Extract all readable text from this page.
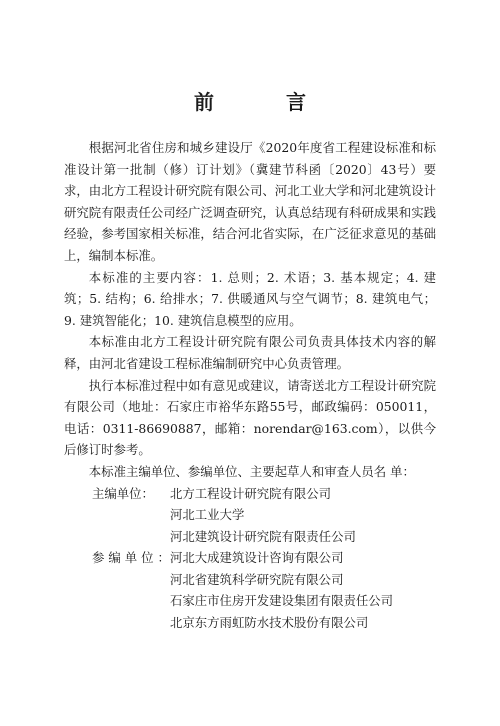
前　言

根据河北省住房和城乡建设厅《2020年度省工程建设标准和标准设计第一批制（修）订计划》（冀建节科函〔2020〕43号）要求，由北方工程设计研究院有限公司、河北工业大学和河北建筑设计研究院有限责任公司经广泛调查研究，认真总结现有科研成果和实践经验，参考国家相关标准，结合河北省实际，在广泛征求意见的基础上，编制本标准。

本标准的主要内容：1. 总则；2. 术语；3. 基本规定；4. 建筑；5. 结构；6. 给排水；7. 供暖通风与空气调节；8. 建筑电气；9. 建筑智能化；10. 建筑信息模型的应用。

本标准由北方工程设计研究院有限公司负责具体技术内容的解释，由河北省建设工程标准编制研究中心负责管理。

执行本标准过程中如有意见或建议，请寄送北方工程设计研究院有限公司（地址：石家庄市裕华东路55号，邮政编码：050011，电话：0311-86690887，邮箱：norendar@163.com），以供今后修订时参考。

本标准主编单位、参编单位、主要起草人和审查人员名 单：

主编单位：	北方工程设计研究院有限公司
河北工业大学
河北建筑设计研究院有限责任公司
参编单位：
河北大成建筑设计咨询有限公司
河北省建筑科学研究院有限公司
石家庄市住房开发建设集团有限责任公司
北京东方雨虹防水技术股份有限公司
